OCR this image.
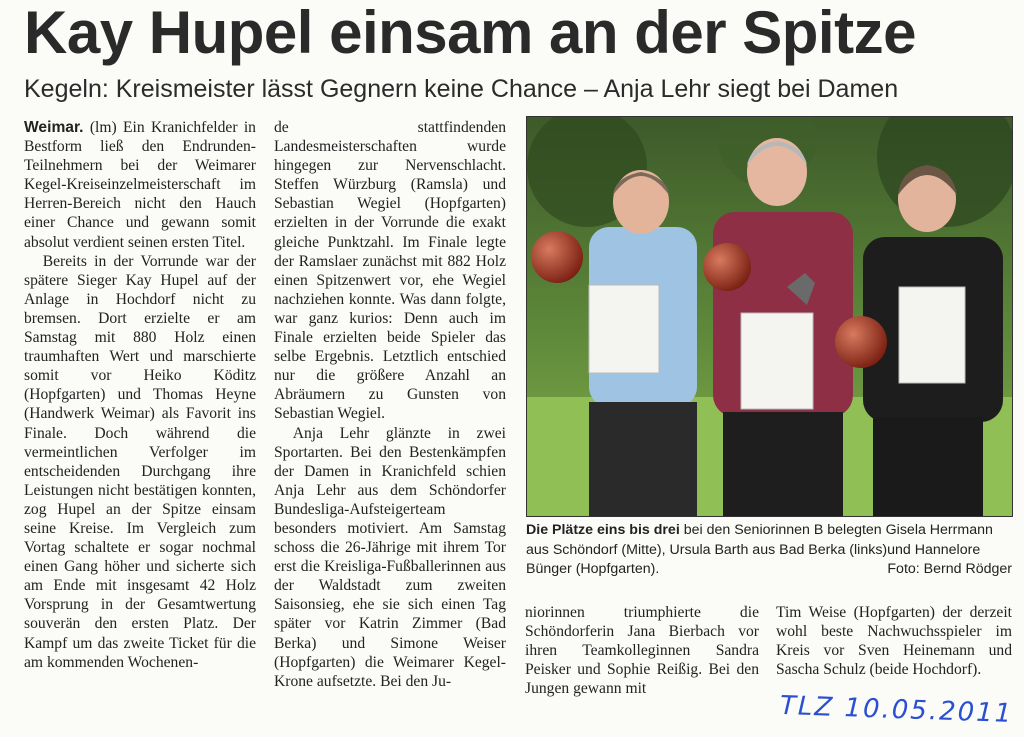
Kay Hupel einsam an der Spitze
Kegeln: Kreismeister lässt Gegnern keine Chance – Anja Lehr siegt bei Damen

Weimar. (lm) Ein Kranichfelder in Bestform ließ den Endrunden-Teilnehmern bei der Weimarer Kegel-Kreiseinzelmeisterschaft im Herren-Bereich nicht den Hauch einer Chance und gewann somit absolut verdient seinen ersten Titel.

Bereits in der Vorrunde war der spätere Sieger Kay Hupel auf der Anlage in Hochdorf nicht zu bremsen. Dort erzielte er am Samstag mit 880 Holz einen traumhaften Wert und marschierte somit vor Heiko Köditz (Hopfgarten) und Thomas Heyne (Handwerk Weimar) als Favorit ins Finale. Doch während die vermeintlichen Verfolger im entscheidenden Durchgang ihre Leistungen nicht bestätigen konnten, zog Hupel an der Spitze einsam seine Kreise. Im Vergleich zum Vortag schaltete er sogar nochmal einen Gang höher und sicherte sich am Ende mit insgesamt 42 Holz Vorsprung in der Gesamtwertung souverän den ersten Platz. Der Kampf um das zweite Ticket für die am kommenden Wochenen-

de stattfindenden Landesmeisterschaften wurde hingegen zur Nervenschlacht. Steffen Würzburg (Ramsla) und Sebastian Wegiel (Hopfgarten) erzielten in der Vorrunde die exakt gleiche Punktzahl. Im Finale legte der Ramslaer zunächst mit 882 Holz einen Spitzenwert vor, ehe Wegiel nachziehen konnte. Was dann folgte, war ganz kurios: Denn auch im Finale erzielten beide Spieler das selbe Ergebnis. Letztlich entschied nur die größere Anzahl an Abräumern zu Gunsten von Sebastian Wegiel.

Anja Lehr glänzte in zwei Sportarten. Bei den Bestenkämpfen der Damen in Kranichfeld schien Anja Lehr aus dem Schöndorfer Bundesliga-Aufsteigerteam besonders motiviert. Am Samstag schoss die 26-Jährige mit ihrem Tor erst die Kreisliga-Fußballerinnen aus der Waldstadt zum zweiten Saisonsieg, ehe sie sich einen Tag später vor Katrin Zimmer (Bad Berka) und Simone Weiser (Hopfgarten) die Weimarer Kegel-Krone aufsetzte. Bei den Ju-

Die Plätze eins bis drei bei den Seniorinnen B belegten Gisela Herrmann aus Schöndorf (Mitte), Ursula Barth aus Bad Berka (links)und Hannelore Bünger (Hopfgarten).	Foto: Bernd Rödger

niorinnen triumphierte die Schöndorferin Jana Bierbach vor ihren Teamkolleginnen Sandra Peisker und Sophie Reißig. Bei den Jungen gewann mit

Tim Weise (Hopfgarten) der derzeit wohl beste Nachwuchsspieler im Kreis vor Sven Heinemann und Sascha Schulz (beide Hochdorf).

TLZ 10.05.2011
